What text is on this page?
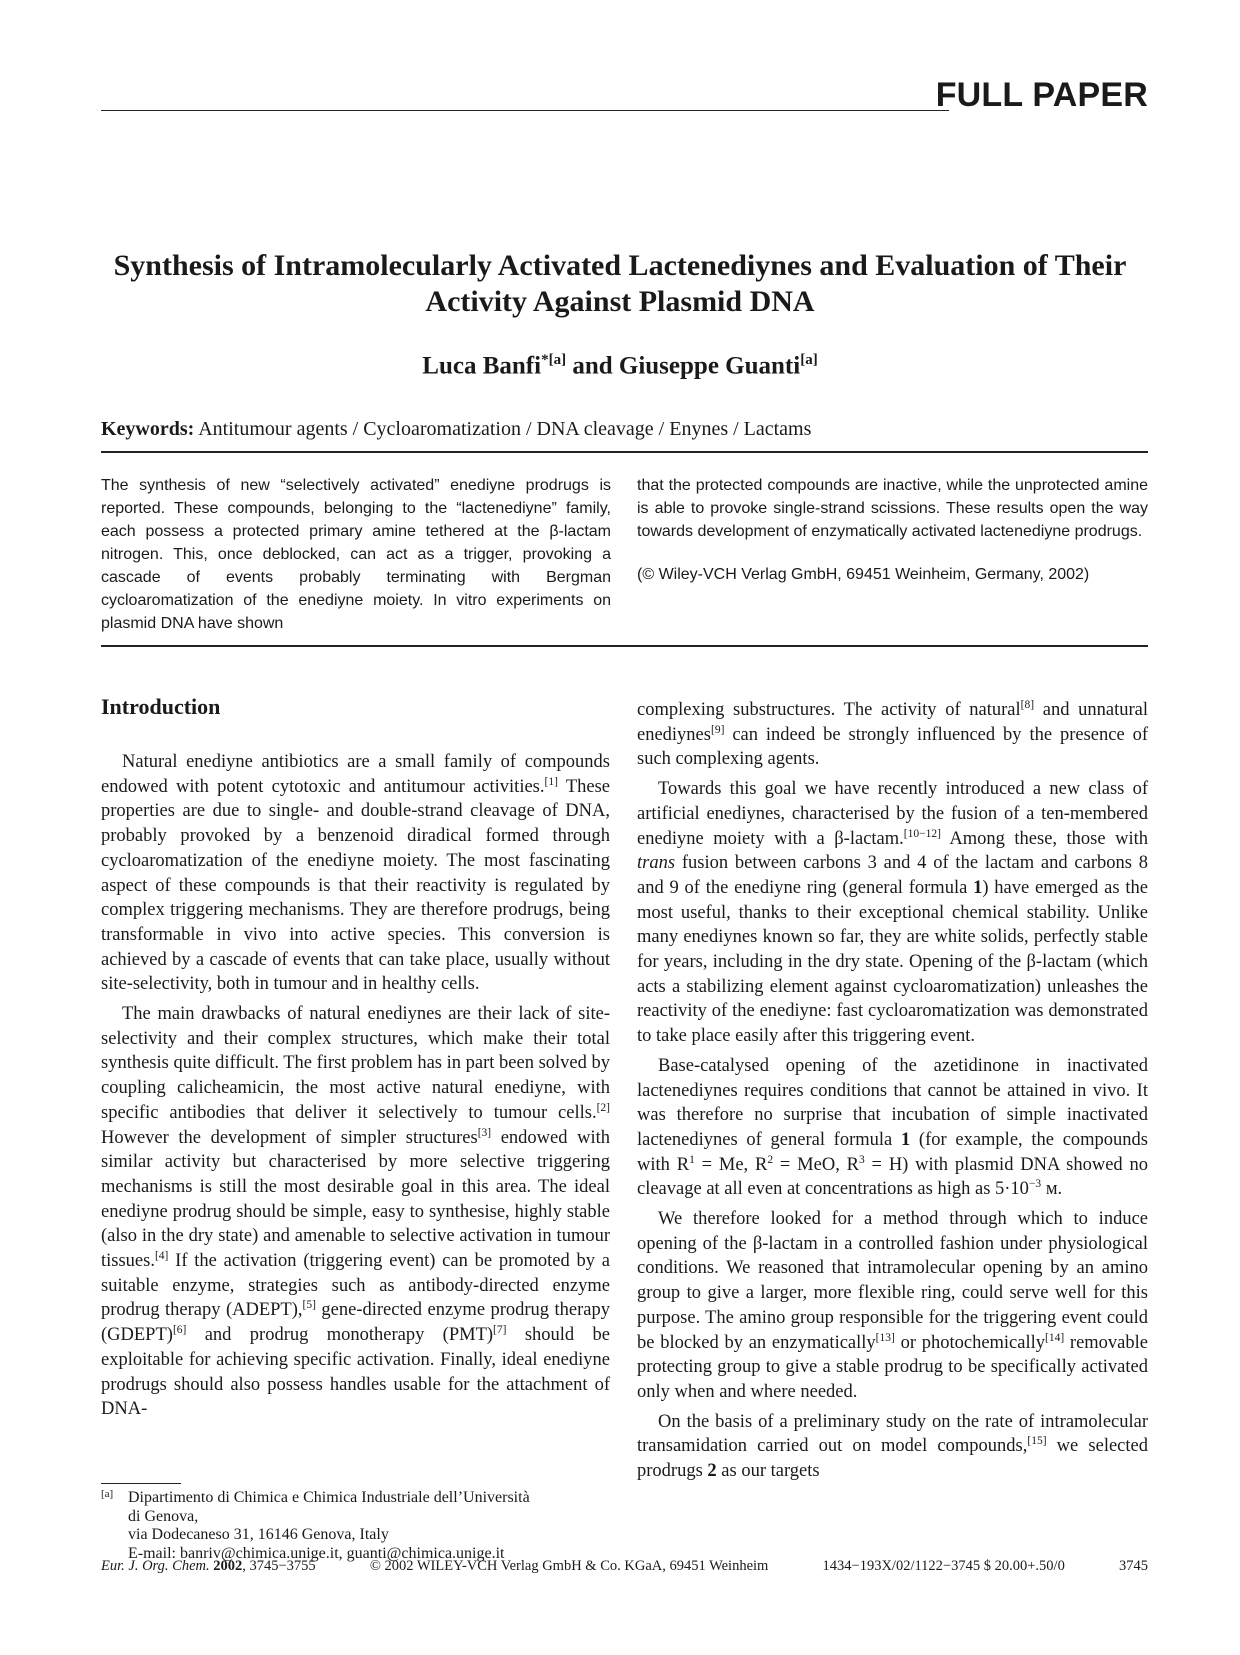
FULL PAPER
Synthesis of Intramolecularly Activated Lactenediynes and Evaluation of Their
Activity Against Plasmid DNA
Luca Banfi$^{*[a]}$ and Giuseppe Guanti[a]
Keywords: Antitumour agents / Cycloaromatization / DNA cleavage / Enynes / Lactams

The synthesis of new “selectively activated” enediyne prodrugs is reported. These compounds, belonging to the “lactenediyne” family, each possess a protected primary amine tethered at the β-lactam nitrogen. This, once deblocked, can act as a trigger, provoking a cascade of events probably terminating with Bergman cycloaromatization of the enediyne moiety. In vitro experiments on plasmid DNA have shown

that the protected compounds are inactive, while the unprotected amine is able to provoke single-strand scissions. These results open the way towards development of enzymatically activated lactenediyne prodrugs.

(© Wiley-VCH Verlag GmbH, 69451 Weinheim, Germany, 2002)

Introduction

Natural enediyne antibiotics are a small family of compounds endowed with potent cytotoxic and antitumour activities.[1] These properties are due to single- and double-strand cleavage of DNA, probably provoked by a benzenoid diradical formed through cycloaromatization of the enediyne moiety. The most fascinating aspect of these compounds is that their reactivity is regulated by complex triggering mechanisms. They are therefore prodrugs, being transformable in vivo into active species. This conversion is achieved by a cascade of events that can take place, usually without site-selectivity, both in tumour and in healthy cells.

The main drawbacks of natural enediynes are their lack of site-selectivity and their complex structures, which make their total synthesis quite difficult. The first problem has in part been solved by coupling calicheamicin, the most active natural enediyne, with specific antibodies that deliver it selectively to tumour cells.[2] However the development of simpler structures[3] endowed with similar activity but characterised by more selective triggering mechanisms is still the most desirable goal in this area. The ideal enediyne prodrug should be simple, easy to synthesise, highly stable (also in the dry state) and amenable to selective activation in tumour tissues.[4] If the activation (triggering event) can be promoted by a suitable enzyme, strategies such as antibody-directed enzyme prodrug therapy (ADEPT),[5] gene-directed enzyme prodrug therapy (GDEPT)[6] and prodrug monotherapy (PMT)[7] should be exploitable for achieving specific activation. Finally, ideal enediyne prodrugs should also possess handles usable for the attachment of DNA-

complexing substructures. The activity of natural[8] and unnatural enediynes[9] can indeed be strongly influenced by the presence of such complexing agents.

Towards this goal we have recently introduced a new class of artificial enediynes, characterised by the fusion of a ten-membered enediyne moiety with a β-lactam.[10−12] Among these, those with trans fusion between carbons 3 and 4 of the lactam and carbons 8 and 9 of the enediyne ring (general formula 1) have emerged as the most useful, thanks to their exceptional chemical stability. Unlike many enediynes known so far, they are white solids, perfectly stable for years, including in the dry state. Opening of the β-lactam (which acts a stabilizing element against cycloaromatization) unleashes the reactivity of the enediyne: fast cycloaromatization was demonstrated to take place easily after this triggering event.

Base-catalysed opening of the azetidinone in inactivated lactenediynes requires conditions that cannot be attained in vivo. It was therefore no surprise that incubation of simple inactivated lactenediynes of general formula 1 (for example, the compounds with $R^1 = Me$, $R^2$ = MeO, $R^3 = H$) with plasmid DNA showed no cleavage at all even at concentrations as high as $5\cdot 10^{-3}$ м.

We therefore looked for a method through which to induce opening of the β-lactam in a controlled fashion under physiological conditions. We reasoned that intramolecular opening by an amino group to give a larger, more flexible ring, could serve well for this purpose. The amino group responsible for the triggering event could be blocked by an enzymatically[13] or photochemically[14] removable protecting group to give a stable prodrug to be specifically activated only when and where needed.

On the basis of a preliminary study on the rate of intramolecular transamidation carried out on model compounds,[15] we selected prodrugs 2 as our targets

[a] Dipartimento di Chimica e Chimica Industriale dell’Università
di Genova,
via Dodecaneso 31, 16146 Genova, Italy
E-mail: banriv@chimica.unige.it, guanti@chimica.unige.it
Eur. J. Org. Chem. 2002, 3745−3755	© 2002 WILEY-VCH Verlag GmbH & Co. KGaA, 69451 Weinheim	1434−193X/02/1122−3745 $ 20.00+.50/0	3745
